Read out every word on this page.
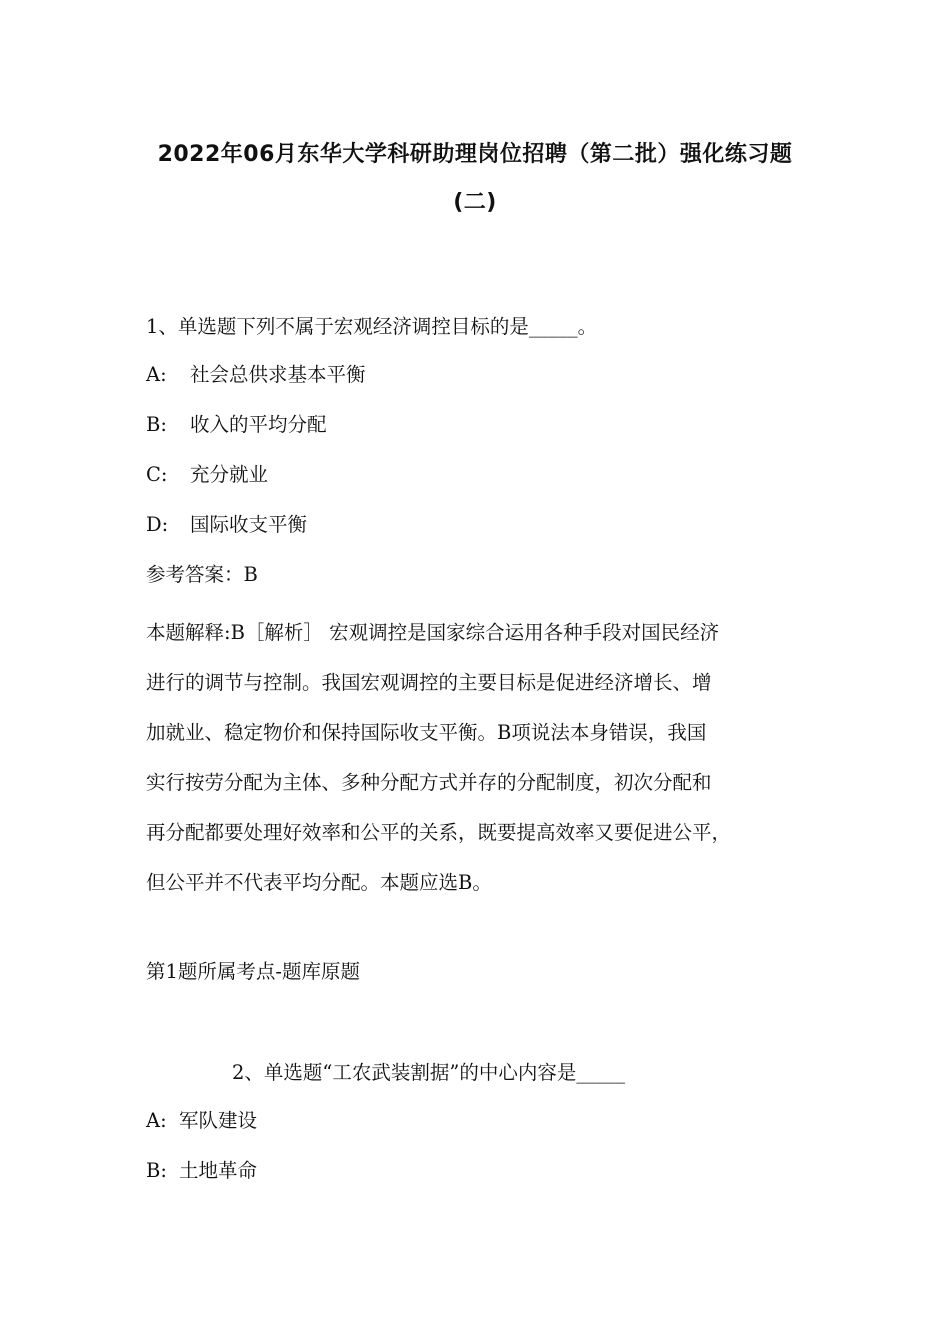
2022年06月东华大学科研助理岗位招聘（第二批）强化练习题
(二)
1、单选题下列不属于宏观经济调控目标的是_____。
A: 社会总供求基本平衡
B: 收入的平均分配
C: 充分就业
D: 国际收支平衡
参考答案：B
本题解释:B［解析］ 宏观调控是国家综合运用各种手段对国民经济
进行的调节与控制。我国宏观调控的主要目标是促进经济增长、增
加就业、稳定物价和保持国际收支平衡。B项说法本身错误，我国
实行按劳分配为主体、多种分配方式并存的分配制度，初次分配和
再分配都要处理好效率和公平的关系，既要提高效率又要促进公平，
但公平并不代表平均分配。本题应选B。
第1题所属考点-题库原题
2、单选题“工农武装割据”的中心内容是_____
A: 军队建设
B: 土地革命
